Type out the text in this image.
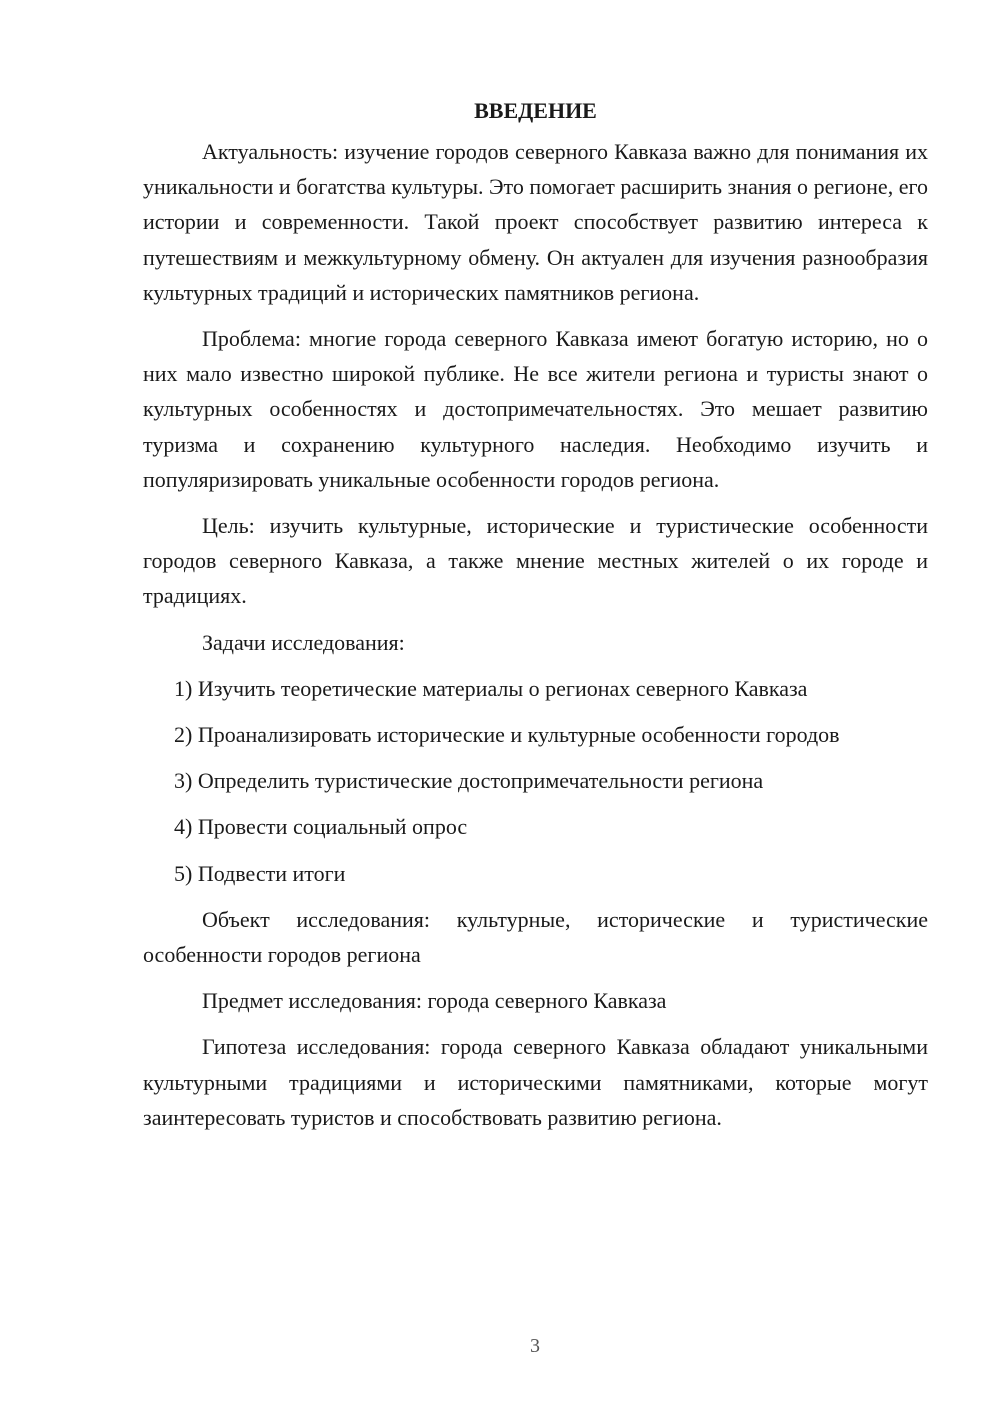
ВВЕДЕНИЕ

Актуальность: изучение городов северного Кавказа важно для понимания их уникальности и богатства культуры. Это помогает расширить знания о регионе, его истории и современности. Такой проект способствует развитию интереса к путешествиям и межкультурному обмену. Он актуален для изучения разнообразия культурных традиций и исторических памятников региона.

Проблема: многие города северного Кавказа имеют богатую историю, но о них мало известно широкой публике. Не все жители региона и туристы знают о культурных особенностях и достопримечательностях. Это мешает развитию туризма и сохранению культурного наследия. Необходимо изучить и популяризировать уникальные особенности городов региона.

Цель: изучить культурные, исторические и туристические особенности городов северного Кавказа, а также мнение местных жителей о их городе и традициях.

Задачи исследования:

1) Изучить теоретические материалы о регионах северного Кавказа

2) Проанализировать исторические и культурные особенности городов

3) Определить туристические достопримечательности региона

4) Провести социальный опрос

5) Подвести итоги

Объект исследования: культурные, исторические и туристические особенности городов региона

Предмет исследования: города северного Кавказа

Гипотеза исследования: города северного Кавказа обладают уникальными культурными традициями и историческими памятниками, которые могут заинтересовать туристов и способствовать развитию региона.

3
